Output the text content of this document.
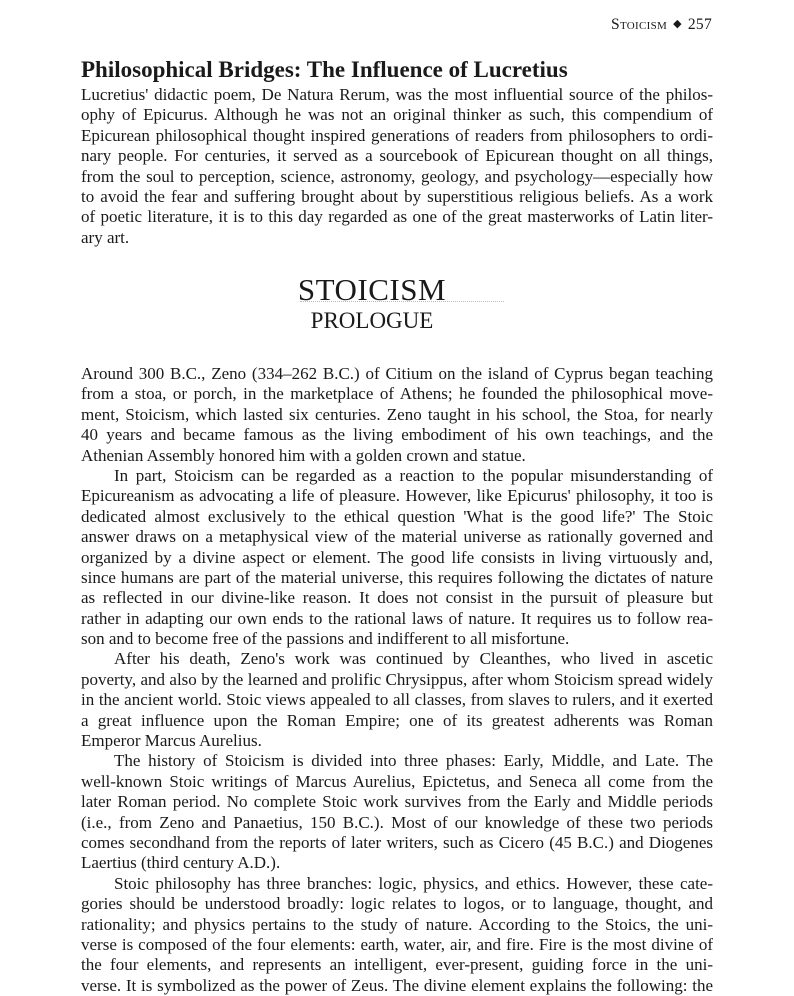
Stoicism ◆ 257
Philosophical Bridges: The Influence of Lucretius
Lucretius' didactic poem, De Natura Rerum, was the most influential source of the philos-
ophy of Epicurus. Although he was not an original thinker as such, this compendium of
Epicurean philosophical thought inspired generations of readers from philosophers to ordi-
nary people. For centuries, it served as a sourcebook of Epicurean thought on all things,
from the soul to perception, science, astronomy, geology, and psychology—especially how
to avoid the fear and suffering brought about by superstitious religious beliefs. As a work
of poetic literature, it is to this day regarded as one of the great masterworks of Latin liter-
ary art.
STOICISM
PROLOGUE
Around 300 B.C., Zeno (334–262 B.C.) of Citium on the island of Cyprus began teaching
from a stoa, or porch, in the marketplace of Athens; he founded the philosophical move-
ment, Stoicism, which lasted six centuries. Zeno taught in his school, the Stoa, for nearly
40 years and became famous as the living embodiment of his own teachings, and the
Athenian Assembly honored him with a golden crown and statue.
In part, Stoicism can be regarded as a reaction to the popular misunderstanding of
Epicureanism as advocating a life of pleasure. However, like Epicurus' philosophy, it too is
dedicated almost exclusively to the ethical question 'What is the good life?' The Stoic
answer draws on a metaphysical view of the material universe as rationally governed and
organized by a divine aspect or element. The good life consists in living virtuously and,
since humans are part of the material universe, this requires following the dictates of nature
as reflected in our divine-like reason. It does not consist in the pursuit of pleasure but
rather in adapting our own ends to the rational laws of nature. It requires us to follow rea-
son and to become free of the passions and indifferent to all misfortune.
After his death, Zeno's work was continued by Cleanthes, who lived in ascetic
poverty, and also by the learned and prolific Chrysippus, after whom Stoicism spread widely
in the ancient world. Stoic views appealed to all classes, from slaves to rulers, and it exerted
a great influence upon the Roman Empire; one of its greatest adherents was Roman
Emperor Marcus Aurelius.
The history of Stoicism is divided into three phases: Early, Middle, and Late. The
well-known Stoic writings of Marcus Aurelius, Epictetus, and Seneca all come from the
later Roman period. No complete Stoic work survives from the Early and Middle periods
(i.e., from Zeno and Panaetius, 150 B.C.). Most of our knowledge of these two periods
comes secondhand from the reports of later writers, such as Cicero (45 B.C.) and Diogenes
Laertius (third century A.D.).
Stoic philosophy has three branches: logic, physics, and ethics. However, these cate-
gories should be understood broadly: logic relates to logos, or to language, thought, and
rationality; and physics pertains to the study of nature. According to the Stoics, the uni-
verse is composed of the four elements: earth, water, air, and fire. Fire is the most divine of
the four elements, and represents an intelligent, ever-present, guiding force in the uni-
verse. It is symbolized as the power of Zeus. The divine element explains the following: the
